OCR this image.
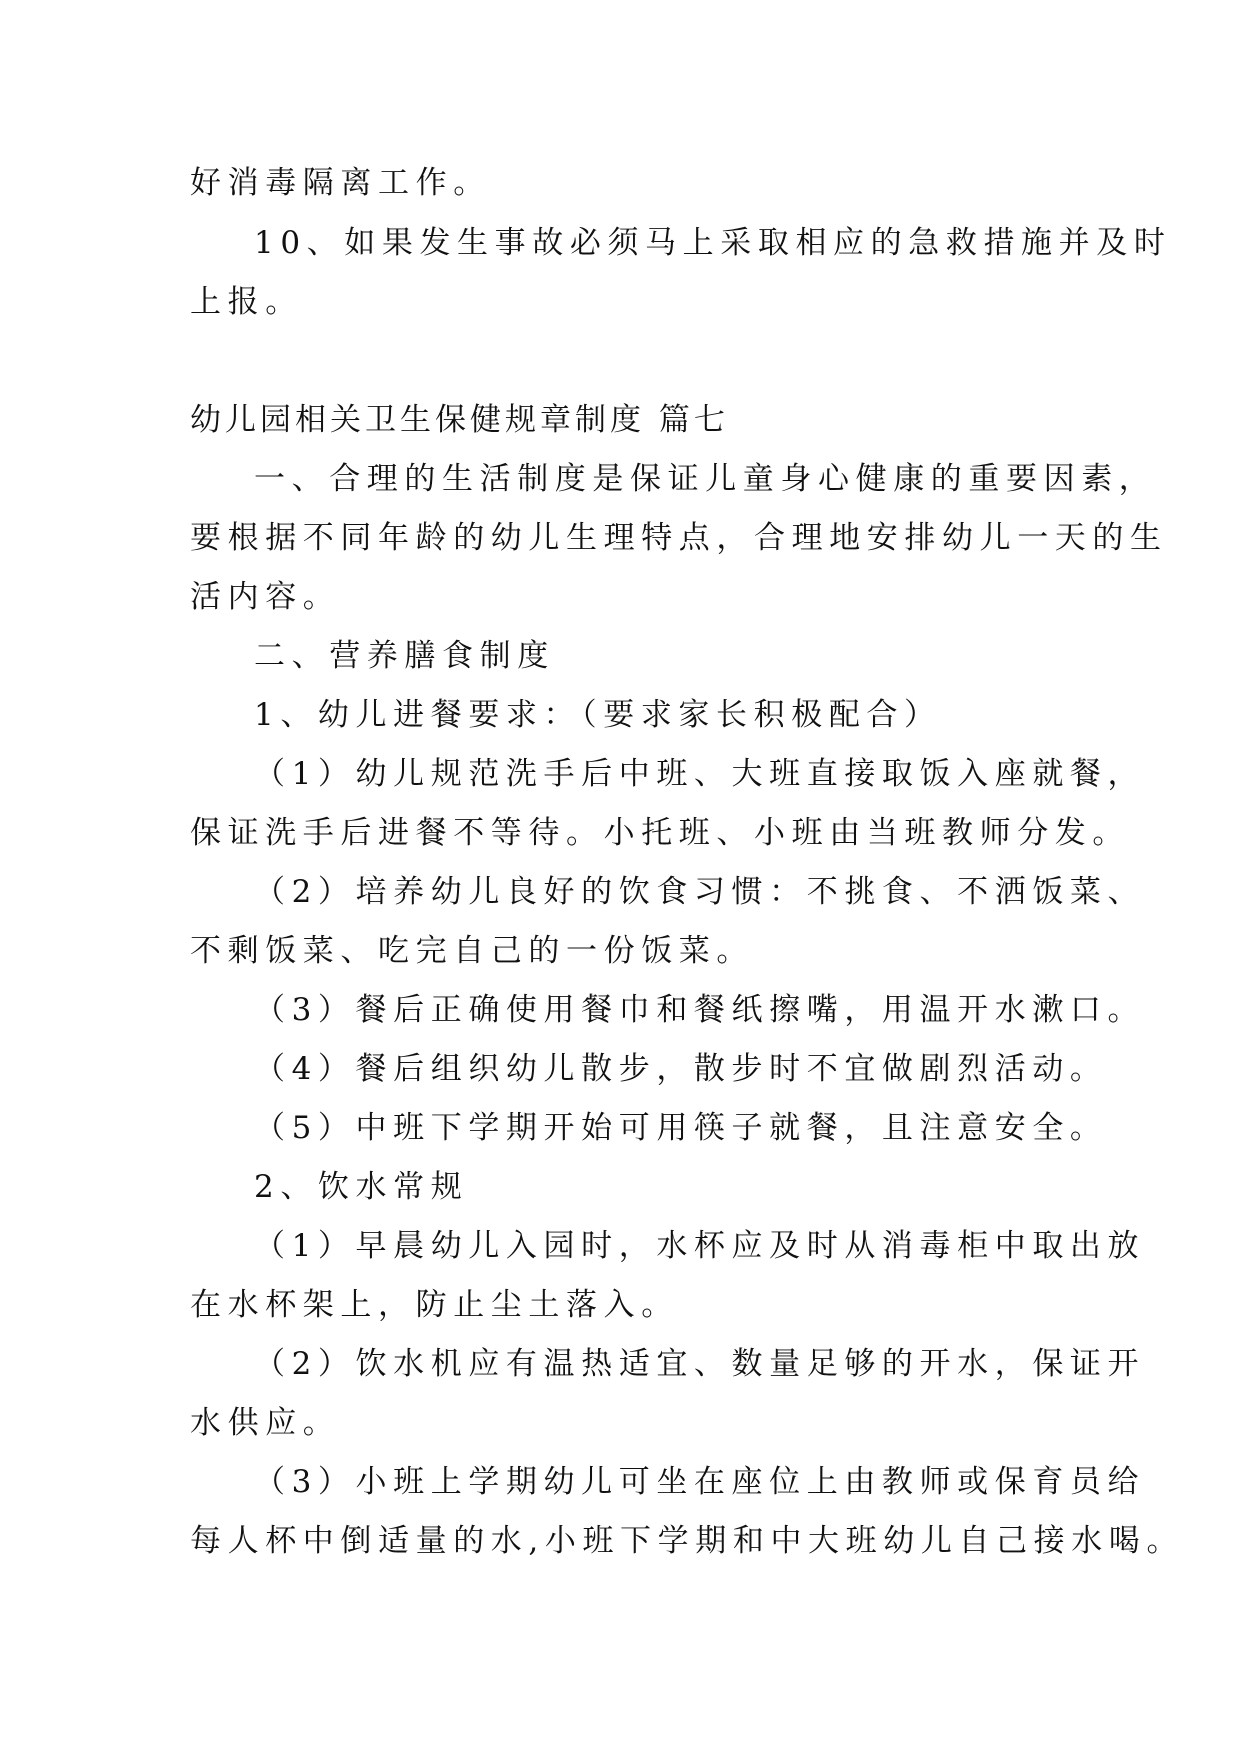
好消毒隔离工作。
10、如果发生事故必须马上采取相应的急救措施并及时
上报。
幼儿园相关卫生保健规章制度 篇七
一、合理的生活制度是保证儿童身心健康的重要因素，
要根据不同年龄的幼儿生理特点，合理地安排幼儿一天的生
活内容。
二、营养膳食制度
1、幼儿进餐要求：（要求家长积极配合）
（1）幼儿规范洗手后中班、大班直接取饭入座就餐，
保证洗手后进餐不等待。小托班、小班由当班教师分发。
（2）培养幼儿良好的饮食习惯：不挑食、不洒饭菜、
不剩饭菜、吃完自己的一份饭菜。
（3）餐后正确使用餐巾和餐纸擦嘴，用温开水漱口。
（4）餐后组织幼儿散步，散步时不宜做剧烈活动。
（5）中班下学期开始可用筷子就餐，且注意安全。
2、饮水常规
（1）早晨幼儿入园时，水杯应及时从消毒柜中取出放
在水杯架上，防止尘土落入。
（2）饮水机应有温热适宜、数量足够的开水，保证开
水供应。
（3）小班上学期幼儿可坐在座位上由教师或保育员给
每人杯中倒适量的水,小班下学期和中大班幼儿自己接水喝。
